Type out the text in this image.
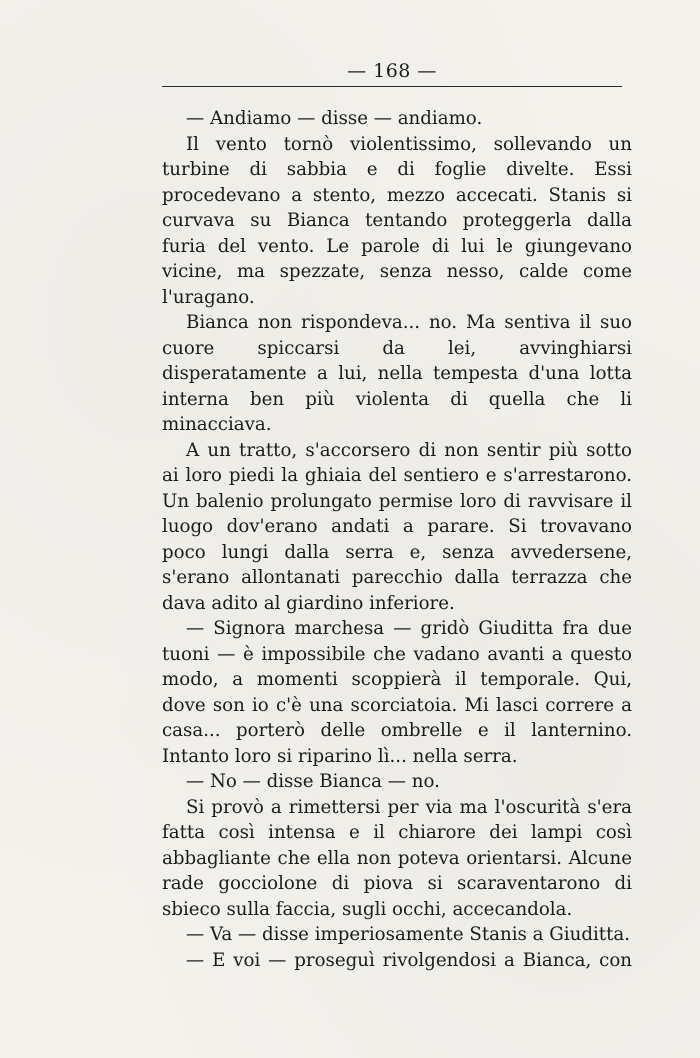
— 168 —

— Andiamo — disse — andiamo.

Il vento tornò violentissimo, sollevando un turbine di sabbia e di foglie divelte. Essi procedevano a stento, mezzo accecati. Stanis si curvava su Bianca tentando proteggerla dalla furia del vento. Le parole di lui le giungevano vicine, ma spezzate, senza nesso, calde come l'uragano.

Bianca non rispondeva... no. Ma sentiva il suo cuore spiccarsi da lei, avvinghiarsi disperatamente a lui, nella tempesta d'una lotta interna ben più violenta di quella che li minacciava.

A un tratto, s'accorsero di non sentir più sotto ai loro piedi la ghiaia del sentiero e s'arrestarono. Un balenio prolungato permise loro di ravvisare il luogo dov'erano andati a parare. Si trovavano poco lungi dalla serra e, senza avvedersene, s'erano allontanati parecchio dalla terrazza che dava adito al giardino inferiore.

— Signora marchesa — gridò Giuditta fra due tuoni — è impossibile che vadano avanti a questo modo, a momenti scoppierà il temporale. Qui, dove son io c'è una scorciatoia. Mi lasci correre a casa... porterò delle ombrelle e il lanternino. Intanto loro si riparino lì... nella serra.

— No — disse Bianca — no.

Si provò a rimettersi per via ma l'oscurità s'era fatta così intensa e il chiarore dei lampi così abbagliante che ella non poteva orientarsi. Alcune rade gocciolone di piova si scaraventarono di sbieco sulla faccia, sugli occhi, accecandola.

— Va — disse imperiosamente Stanis a Giuditta.

— E voi — proseguì rivolgendosi a Bianca, con
